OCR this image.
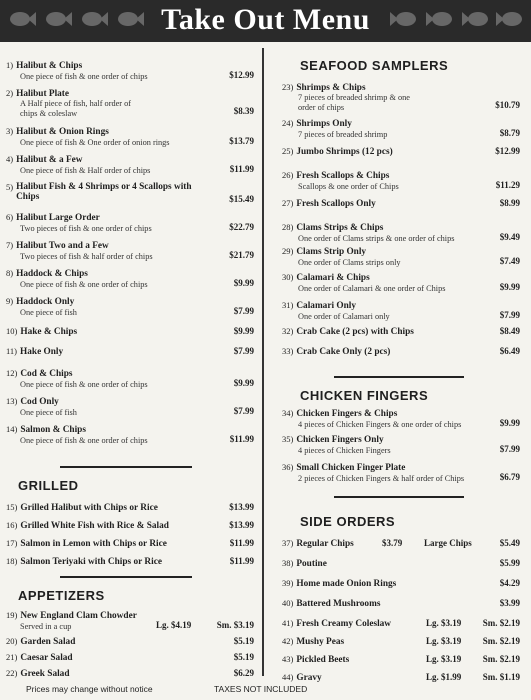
Take Out Menu
1) Halibut & Chips
One piece of fish & one order of chips	$12.99
2) Halibut Plate
A Half piece of fish, half order of chips & coleslaw	$8.39
3) Halibut & Onion Rings
One piece of fish & One order of onion rings	$13.79
4) Halibut & a Few
One piece of fish & Half order of chips	$11.99
5) Halibut Fish & 4 Shrimps or 4 Scallops with Chips	$15.49
6) Halibut Large Order
Two pieces of fish & one order of chips	$22.79
7) Halibut Two and a Few
Two pieces of fish & half order of chips	$21.79
8) Haddock & Chips
One piece of fish & one order of chips	$9.99
9) Haddock Only
One piece of fish	$7.99
10) Hake & Chips	$9.99
11) Hake Only	$7.99
12) Cod & Chips
One piece of fish & one order of chips	$9.99
13) Cod Only
One piece of fish	$7.99
14) Salmon & Chips
One piece of fish & one order of chips	$11.99
GRILLED
15) Grilled Halibut with Chips or Rice	$13.99
16) Grilled White Fish with Rice & Salad	$13.99
17) Salmon in Lemon with Chips or Rice	$11.99
18) Salmon Teriyaki with Chips or Rice	$11.99
APPETIZERS
19) New England Clam Chowder
Served in a cup	Lg. $4.19	Sm. $3.19
20) Garden Salad	$5.19
21) Caesar Salad	$5.19
22) Greek Salad	$6.29
Prices may change without notice	TAXES NOT INCLUDED
SEAFOOD SAMPLERS
23) Shrimps & Chips
7 pieces of breaded shrimp & one order of chips	$10.79
24) Shrimps Only
7 pieces of breaded shrimp	$8.79
25) Jumbo Shrimps (12 pcs)	$12.99
26) Fresh Scallops & Chips
Scallops & one order of Chips	$11.29
27) Fresh Scallops Only	$8.99
28) Clams Strips & Chips
One order of Clams strips & one order of chips	$9.49
29) Clams Strip Only
One order of Clams strips only	$7.49
30) Calamari & Chips
One order of Calamari & one order of Chips	$9.99
31) Calamari Only
One order of Calamari only	$7.99
32) Crab Cake (2 pcs) with Chips	$8.49
33) Crab Cake Only (2 pcs)	$6.49
CHICKEN FINGERS
34) Chicken Fingers & Chips
4 pieces of Chicken Fingers & one order of chips	$9.99
35) Chicken Fingers Only
4 pieces of Chicken Fingers	$7.99
36) Small Chicken Finger Plate
2 pieces of Chicken Fingers & half order of Chips	$6.79
SIDE ORDERS
37) Regular Chips	$3.79 Large Chips	$5.49
38) Poutine	$5.99
39) Home made Onion Rings	$4.29
40) Battered Mushrooms	$3.99
41) Fresh Creamy Coleslaw	Lg. $3.19 Sm. $2.19
42) Mushy Peas	Lg. $3.19 Sm. $2.19
43) Pickled Beets	Lg. $3.19 Sm. $2.19
44) Gravy	Lg. $1.99 Sm. $1.19
